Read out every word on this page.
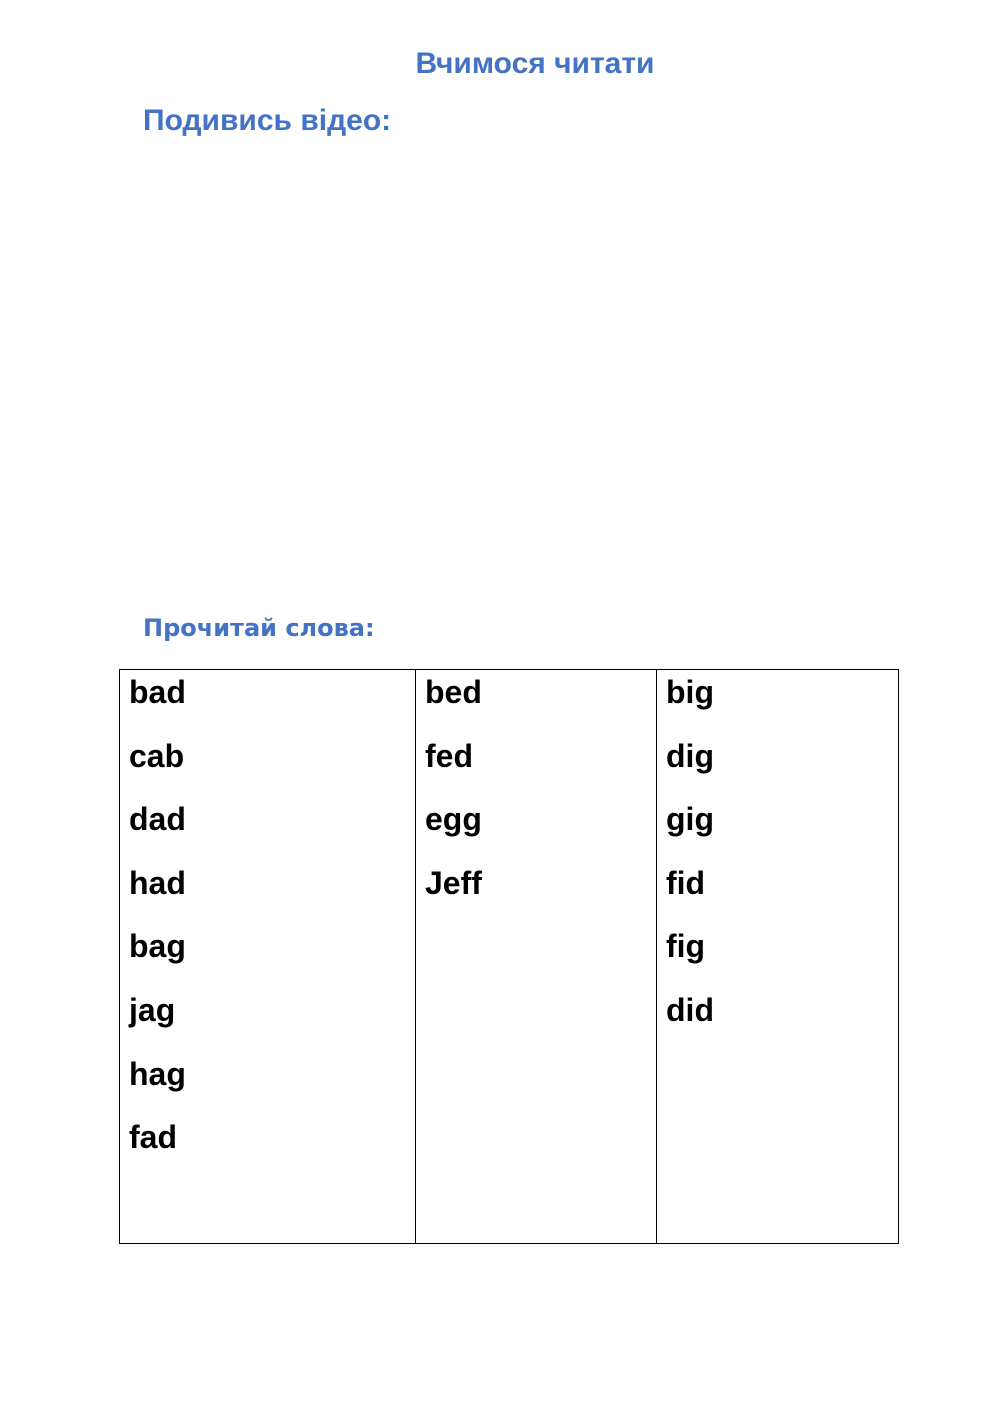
Вчимося читати
Подивись відео:
Прочитай слова:
bad
cab
dad
had
bag
jag
hag
fad

bed
fed
egg
Jeff

big
dig
gig
fid
fig
did
